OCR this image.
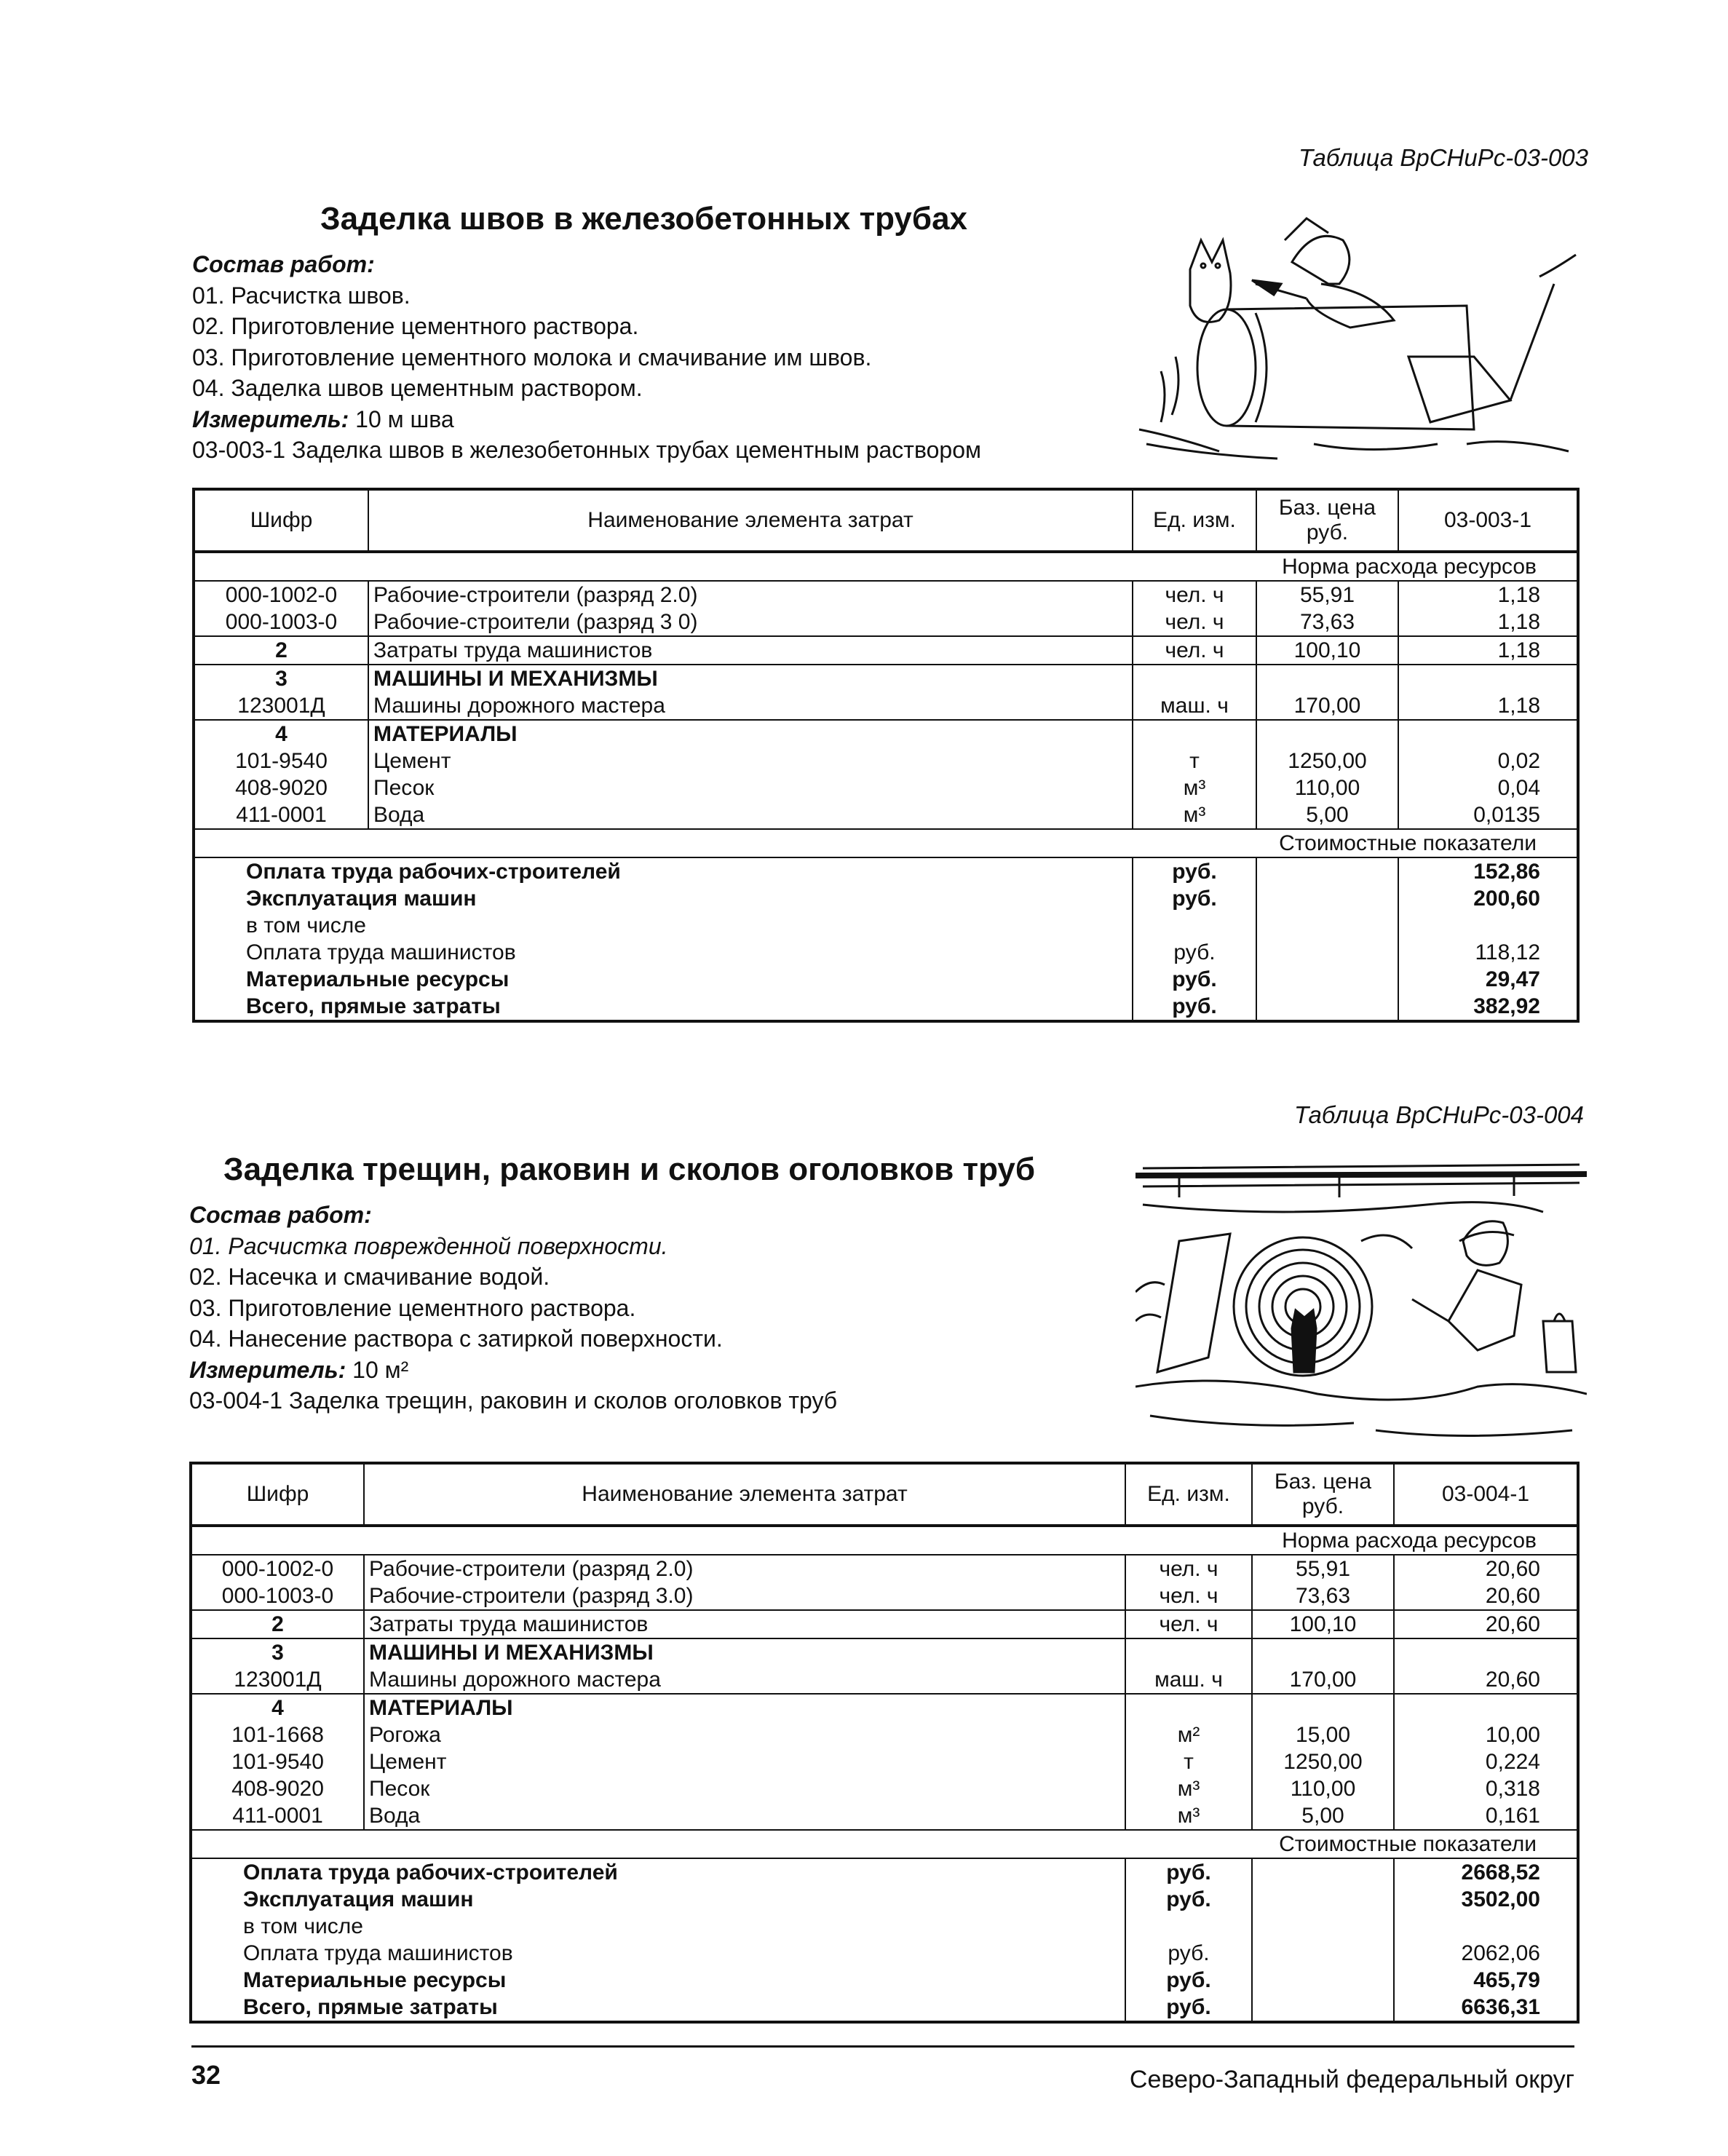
Таблица ВрСНиРс-03-003
Заделка швов в железобетонных трубах
Состав работ:
01. Расчистка швов.
02. Приготовление цементного раствора.
03. Приготовление цементного молока и смачивание им швов.
04. Заделка швов цементным раствором.
Измеритель: 10 м шва
03-003-1 Заделка швов в железобетонных трубах цементным раствором
Шифр	Наименование элемента затрат	Ед. изм.	Баз. цена руб.	03-003-1
Норма расхода ресурсов				
000-1002-0	Рабочие-строители (разряд 2.0)	чел. ч	55,91	1,18
000-1003-0	Рабочие-строители (разряд 3 0)	чел. ч	73,63	1,18
2	Затраты труда машинистов	чел. ч	100,10	1,18
3	МАШИНЫ И МЕХАНИЗМЫ			
123001Д	Машины дорожного мастера	маш. ч	170,00	1,18
4	МАТЕРИАЛЫ			
101-9540	Цемент	т	1250,00	0,02
408-9020	Песок	м³	110,00	0,04
411-0001	Вода	м³	5,00	0,0135
Стоимостные показатели				
Оплата труда рабочих-строителей		руб.		152,86
Эксплуатация машин		руб.		200,60
в том числе				
Оплата труда машинистов		руб.		118,12
Материальные ресурсы		руб.		29,47
Всего, прямые затраты		руб.		382,92
Таблица ВрСНиРс-03-004
Заделка трещин, раковин и сколов оголовков труб
Состав работ:
01. Расчистка поврежденной поверхности.
02. Насечка и смачивание водой.
03. Приготовление цементного раствора.
04. Нанесение раствора с затиркой поверхности.
Измеритель: 10 м²
03-004-1 Заделка трещин, раковин и сколов оголовков труб
Шифр	Наименование элемента затрат	Ед. изм.	Баз. цена руб.	03-004-1
Норма расхода ресурсов				
000-1002-0	Рабочие-строители (разряд 2.0)	чел. ч	55,91	20,60
000-1003-0	Рабочие-строители (разряд 3.0)	чел. ч	73,63	20,60
2	Затраты труда машинистов	чел. ч	100,10	20,60
3	МАШИНЫ И МЕХАНИЗМЫ			
123001Д	Машины дорожного мастера	маш. ч	170,00	20,60
4	МАТЕРИАЛЫ			
101-1668	Рогожа	м²	15,00	10,00
101-9540	Цемент	т	1250,00	0,224
408-9020	Песок	м³	110,00	0,318
411-0001	Вода	м³	5,00	0,161
Стоимостные показатели				
Оплата труда рабочих-строителей		руб.		2668,52
Эксплуатация машин		руб.		3502,00
в том числе				
Оплата труда машинистов		руб.		2062,06
Материальные ресурсы		руб.		465,79
Всего, прямые затраты		руб.		6636,31
32	Северо-Западный федеральный округ
